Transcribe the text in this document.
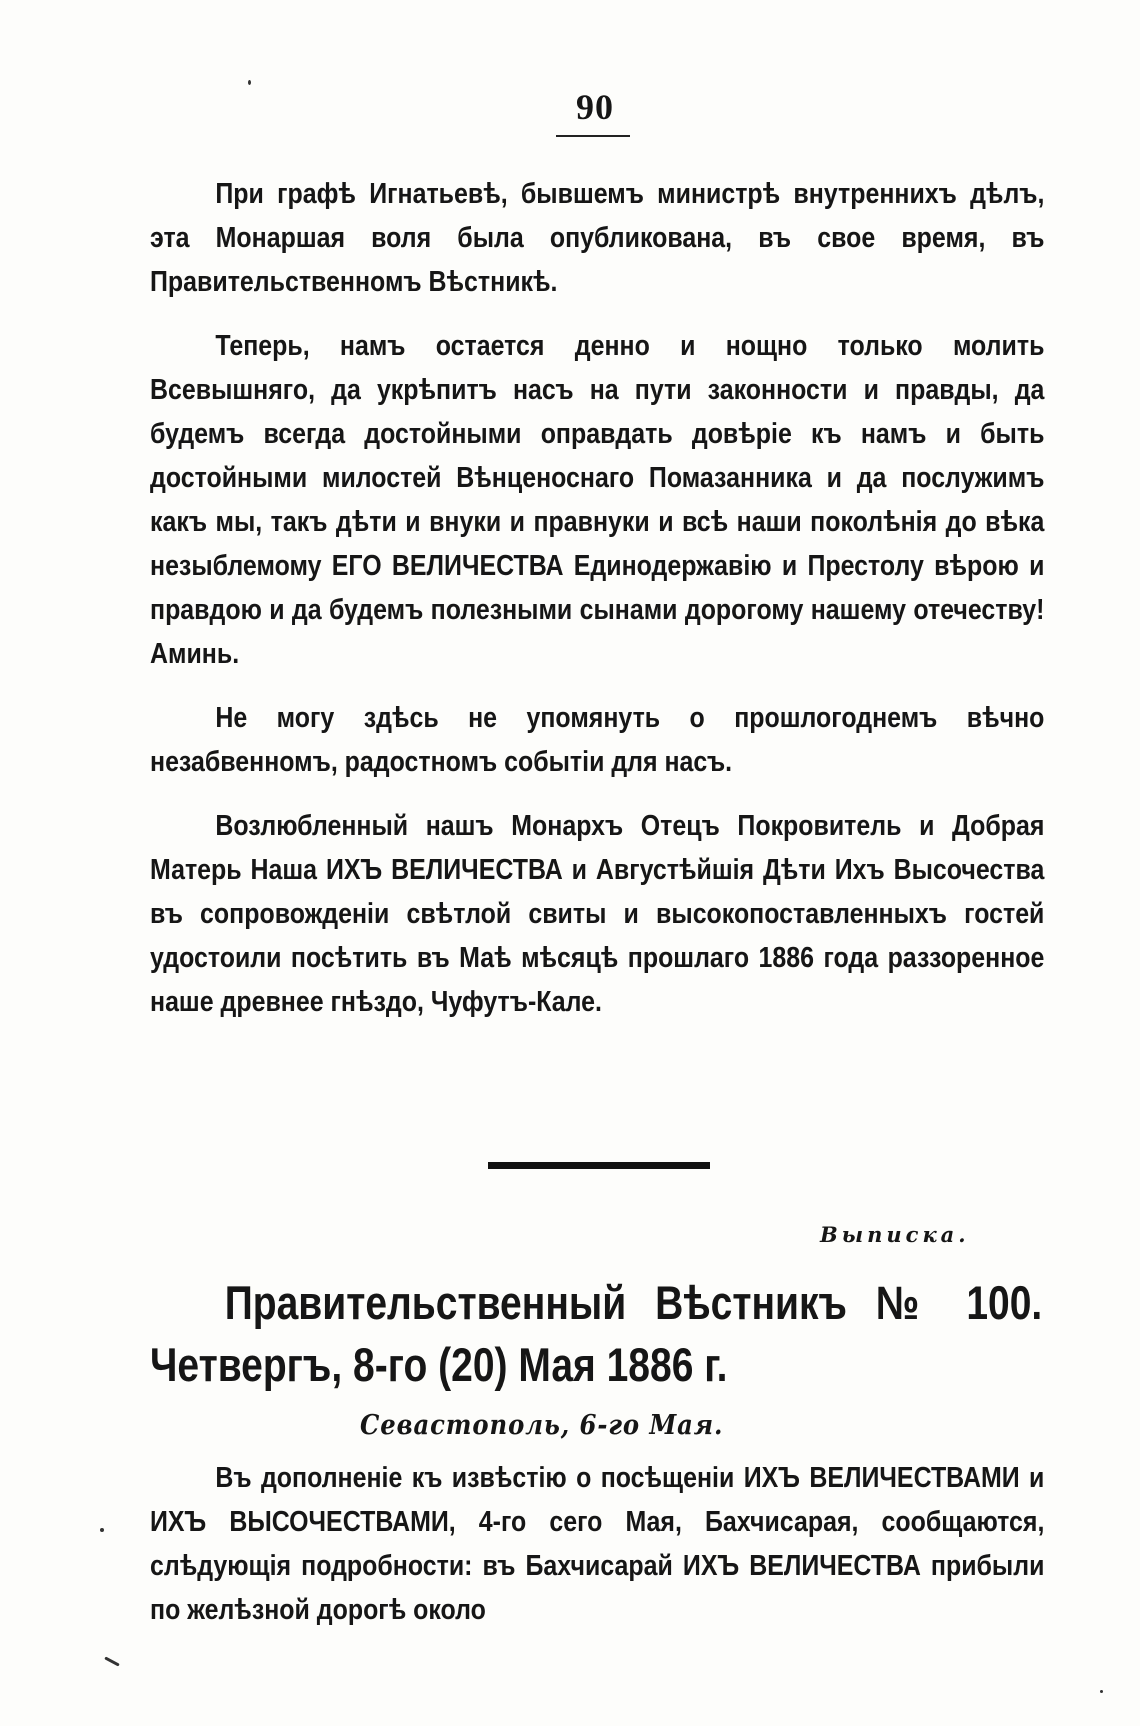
90

При графѣ Игнатьевѣ, бывшемъ министрѣ внутреннихъ дѣлъ, эта Монаршая воля была опубликована, въ свое время, въ Правительственномъ Вѣстникѣ.

Теперь, намъ остается денно и нощно только молить Всевышняго, да укрѣпитъ насъ на пути законности и правды, да будемъ всегда достойными оправдать довѣріе къ намъ и быть достойными милостей Вѣнценоснаго Помазанника и да послужимъ какъ мы, такъ дѣти и внуки и правнуки и всѣ наши поколѣнія до вѣка незыблемому ЕГО ВЕЛИЧЕСТВА Единодержавію и Престолу вѣрою и правдою и да будемъ полезными сынами дорогому нашему отечеству! Аминь.

Не могу здѣсь не упомянуть о прошлогоднемъ вѣчно незабвенномъ, радостномъ событіи для насъ.

Возлюбленный нашъ Монархъ Отецъ Покровитель и Добрая Матерь Наша ИХЪ ВЕЛИЧЕСТВА и Августѣйшія Дѣти Ихъ Высочества въ сопровожденіи свѣтлой свиты и высокопоставленныхъ гостей удостоили посѣтить въ Маѣ мѣсяцѣ прошлаго 1886 года раззоренное наше древнее гнѣздо, Чуфутъ-Кале.

Выписка.

Правительственный Вѣстникъ № 100. Четвергъ, 8-го (20) Мая 1886 г.

Севастополь, 6-го Мая.

Въ дополненіе къ извѣстію о посѣщеніи ИХЪ ВЕЛИЧЕСТВАМИ и ИХЪ ВЫСОЧЕСТВАМИ, 4-го сего Мая, Бахчисарая, сообщаются, слѣдующія подробности: въ Бахчисарай ИХЪ ВЕЛИЧЕСТВА прибыли по желѣзной дорогѣ около
